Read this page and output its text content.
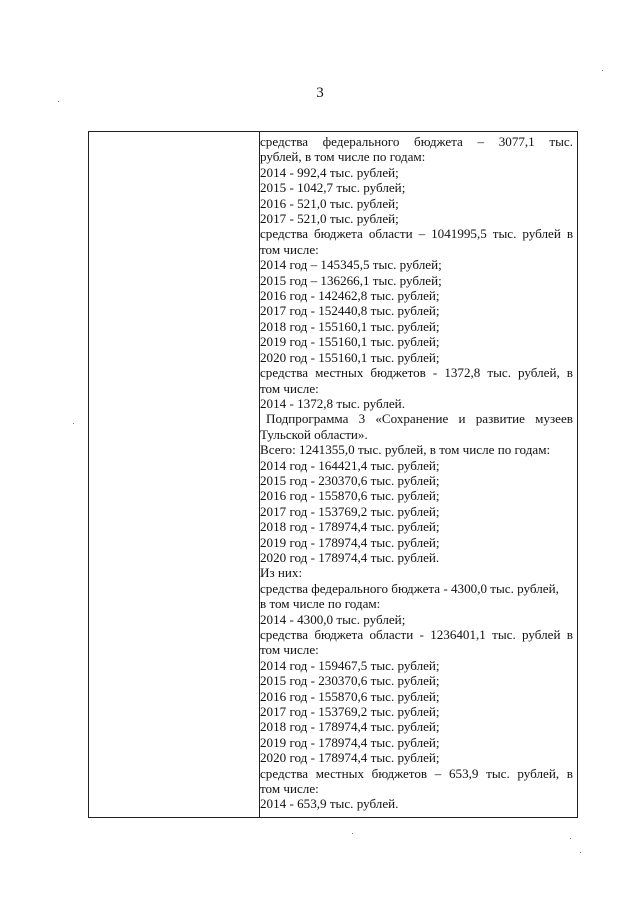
3
средства федерального бюджета – 3077,1 тыс.
рублей, в том числе по годам:
2014 - 992,4 тыс. рублей;
2015 - 1042,7 тыс. рублей;
2016 - 521,0 тыс. рублей;
2017 - 521,0 тыс. рублей;
средства бюджета области – 1041995,5 тыс. рублей в
том числе:
2014 год – 145345,5 тыс. рублей;
2015 год – 136266,1 тыс. рублей;
2016 год - 142462,8 тыс. рублей;
2017 год - 152440,8 тыс. рублей;
2018 год - 155160,1 тыс. рублей;
2019 год - 155160,1 тыс. рублей;
2020 год - 155160,1 тыс. рублей;
средства местных бюджетов - 1372,8 тыс. рублей, в
том числе:
2014 - 1372,8 тыс. рублей.
Подпрограмма 3 «Сохранение и развитие музеев
Тульской области».
Всего: 1241355,0 тыс. рублей, в том числе по годам:
2014 год - 164421,4 тыс. рублей;
2015 год - 230370,6 тыс. рублей;
2016 год - 155870,6 тыс. рублей;
2017 год - 153769,2 тыс. рублей;
2018 год - 178974,4 тыс. рублей;
2019 год - 178974,4 тыс. рублей;
2020 год - 178974,4 тыс. рублей.
Из них:
средства федерального бюджета - 4300,0 тыс. рублей,
в том числе по годам:
2014 - 4300,0 тыс. рублей;
средства бюджета области - 1236401,1 тыс. рублей в
том числе:
2014 год - 159467,5 тыс. рублей;
2015 год - 230370,6 тыс. рублей;
2016 год - 155870,6 тыс. рублей;
2017 год - 153769,2 тыс. рублей;
2018 год - 178974,4 тыс. рублей;
2019 год - 178974,4 тыс. рублей;
2020 год - 178974,4 тыс. рублей;
средства местных бюджетов – 653,9 тыс. рублей, в
том числе:
2014 - 653,9 тыс. рублей.
